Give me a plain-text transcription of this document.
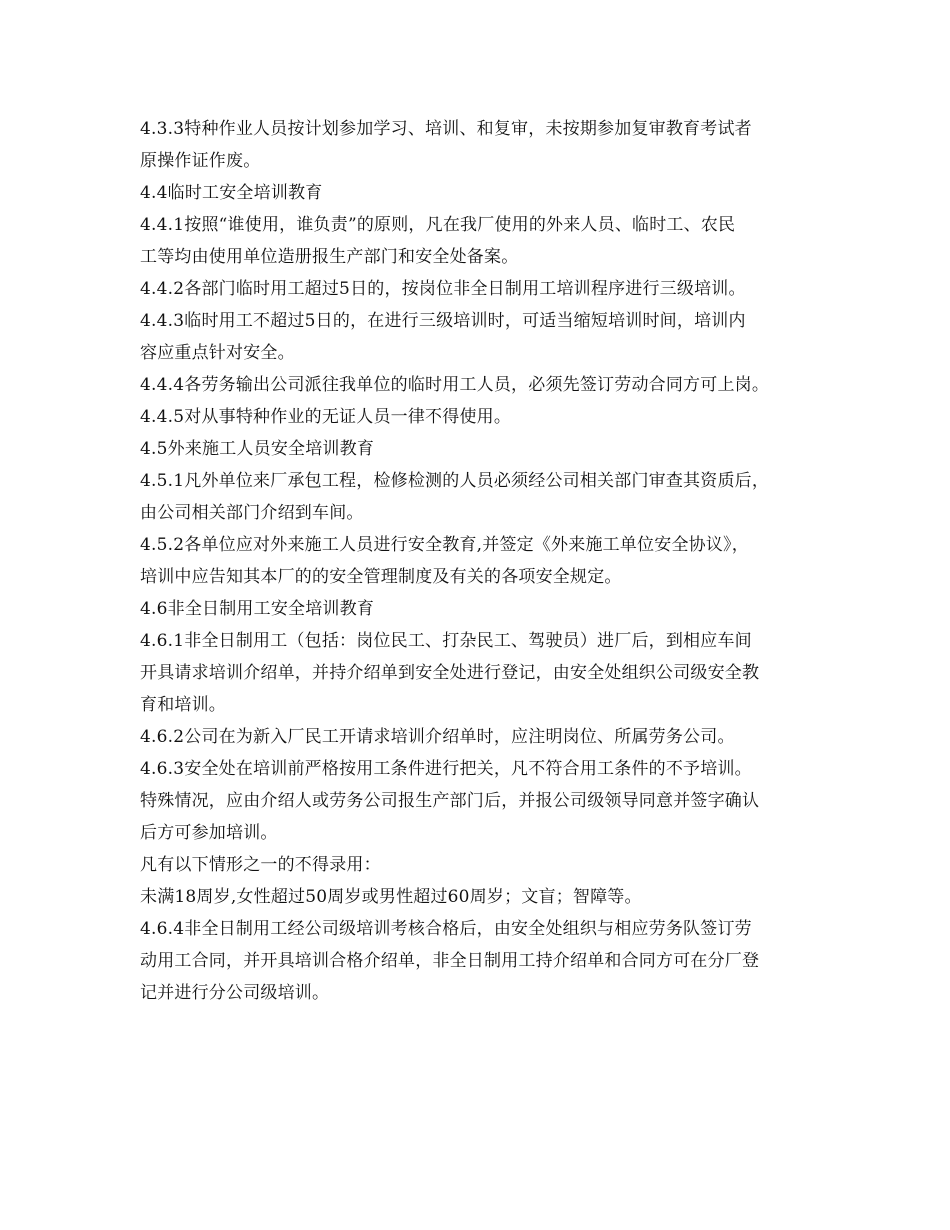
4.3.3特种作业人员按计划参加学习、培训、和复审，未按期参加复审教育考试者
原操作证作废。
4.4临时工安全培训教育
4.4.1按照“谁使用，谁负责”的原则，凡在我厂使用的外来人员、临时工、农民
工等均由使用单位造册报生产部门和安全处备案。
4.4.2各部门临时用工超过5日的，按岗位非全日制用工培训程序进行三级培训。
4.4.3临时用工不超过5日的，在进行三级培训时，可适当缩短培训时间，培训内
容应重点针对安全。
4.4.4各劳务输出公司派往我单位的临时用工人员，必须先签订劳动合同方可上岗。
4.4.5对从事特种作业的无证人员一律不得使用。
4.5外来施工人员安全培训教育
4.5.1凡外单位来厂承包工程，检修检测的人员必须经公司相关部门审查其资质后，
由公司相关部门介绍到车间。
4.5.2各单位应对外来施工人员进行安全教育,并签定《外来施工单位安全协议》，
培训中应告知其本厂的的安全管理制度及有关的各项安全规定。
4.6非全日制用工安全培训教育
4.6.1非全日制用工（包括：岗位民工、打杂民工、驾驶员）进厂后，到相应车间
开具请求培训介绍单，并持介绍单到安全处进行登记，由安全处组织公司级安全教
育和培训。
4.6.2公司在为新入厂民工开请求培训介绍单时，应注明岗位、所属劳务公司。
4.6.3安全处在培训前严格按用工条件进行把关，凡不符合用工条件的不予培训。
特殊情况，应由介绍人或劳务公司报生产部门后，并报公司级领导同意并签字确认
后方可参加培训。
凡有以下情形之一的不得录用：
未满18周岁,女性超过50周岁或男性超过60周岁；文盲；智障等。
4.6.4非全日制用工经公司级培训考核合格后，由安全处组织与相应劳务队签订劳
动用工合同，并开具培训合格介绍单，非全日制用工持介绍单和合同方可在分厂登
记并进行分公司级培训。
